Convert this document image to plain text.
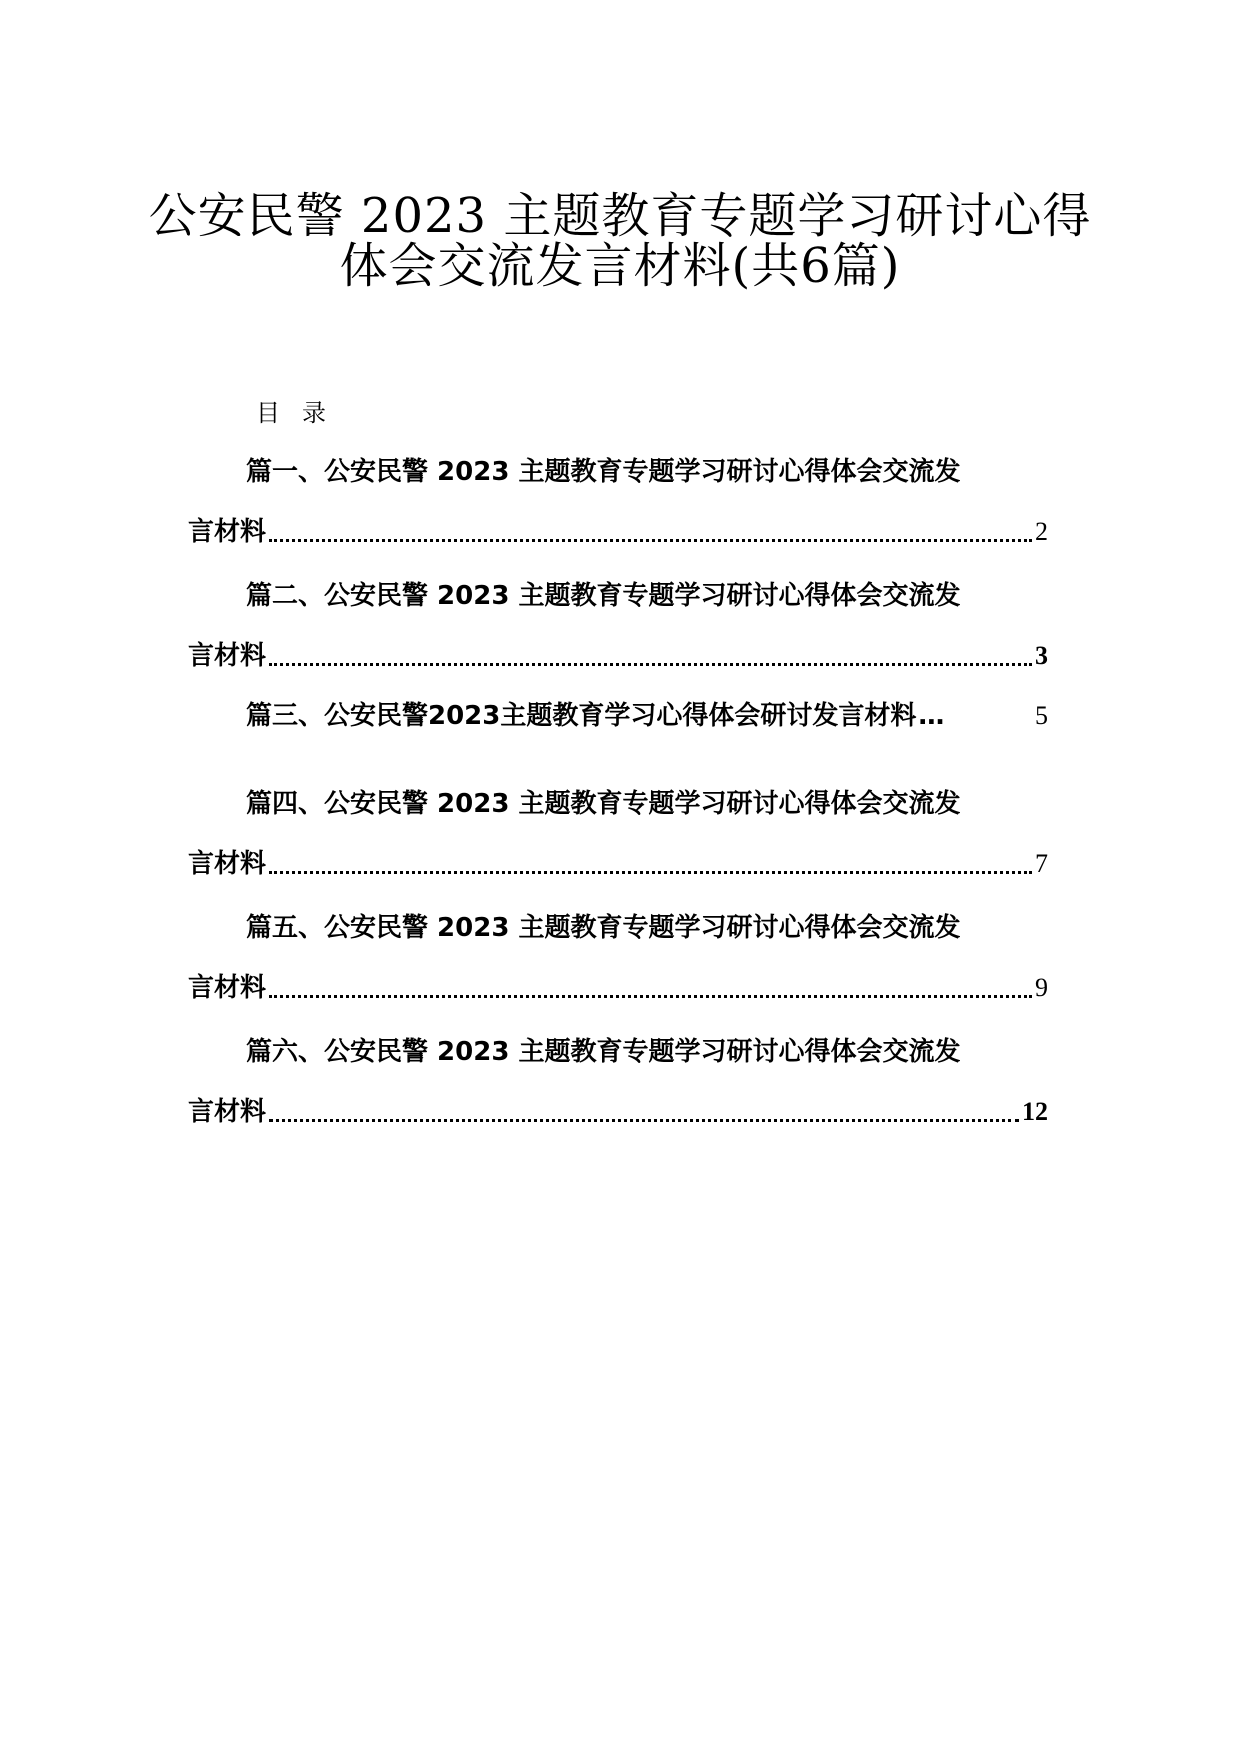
公安民警 2023 主题教育专题学习研讨心得
体会交流发言材料(共6篇)
目录
篇一、公安民警 2023 主题教育专题学习研讨心得体会交流发
言材料	2
篇二、公安民警 2023 主题教育专题学习研讨心得体会交流发
言材料	3
篇三、公安民警2023主题教育学习心得体会研讨发言材料 …	5
篇四、公安民警 2023 主题教育专题学习研讨心得体会交流发
言材料	7
篇五、公安民警 2023 主题教育专题学习研讨心得体会交流发
言材料	9
篇六、公安民警 2023 主题教育专题学习研讨心得体会交流发
言材料	12
